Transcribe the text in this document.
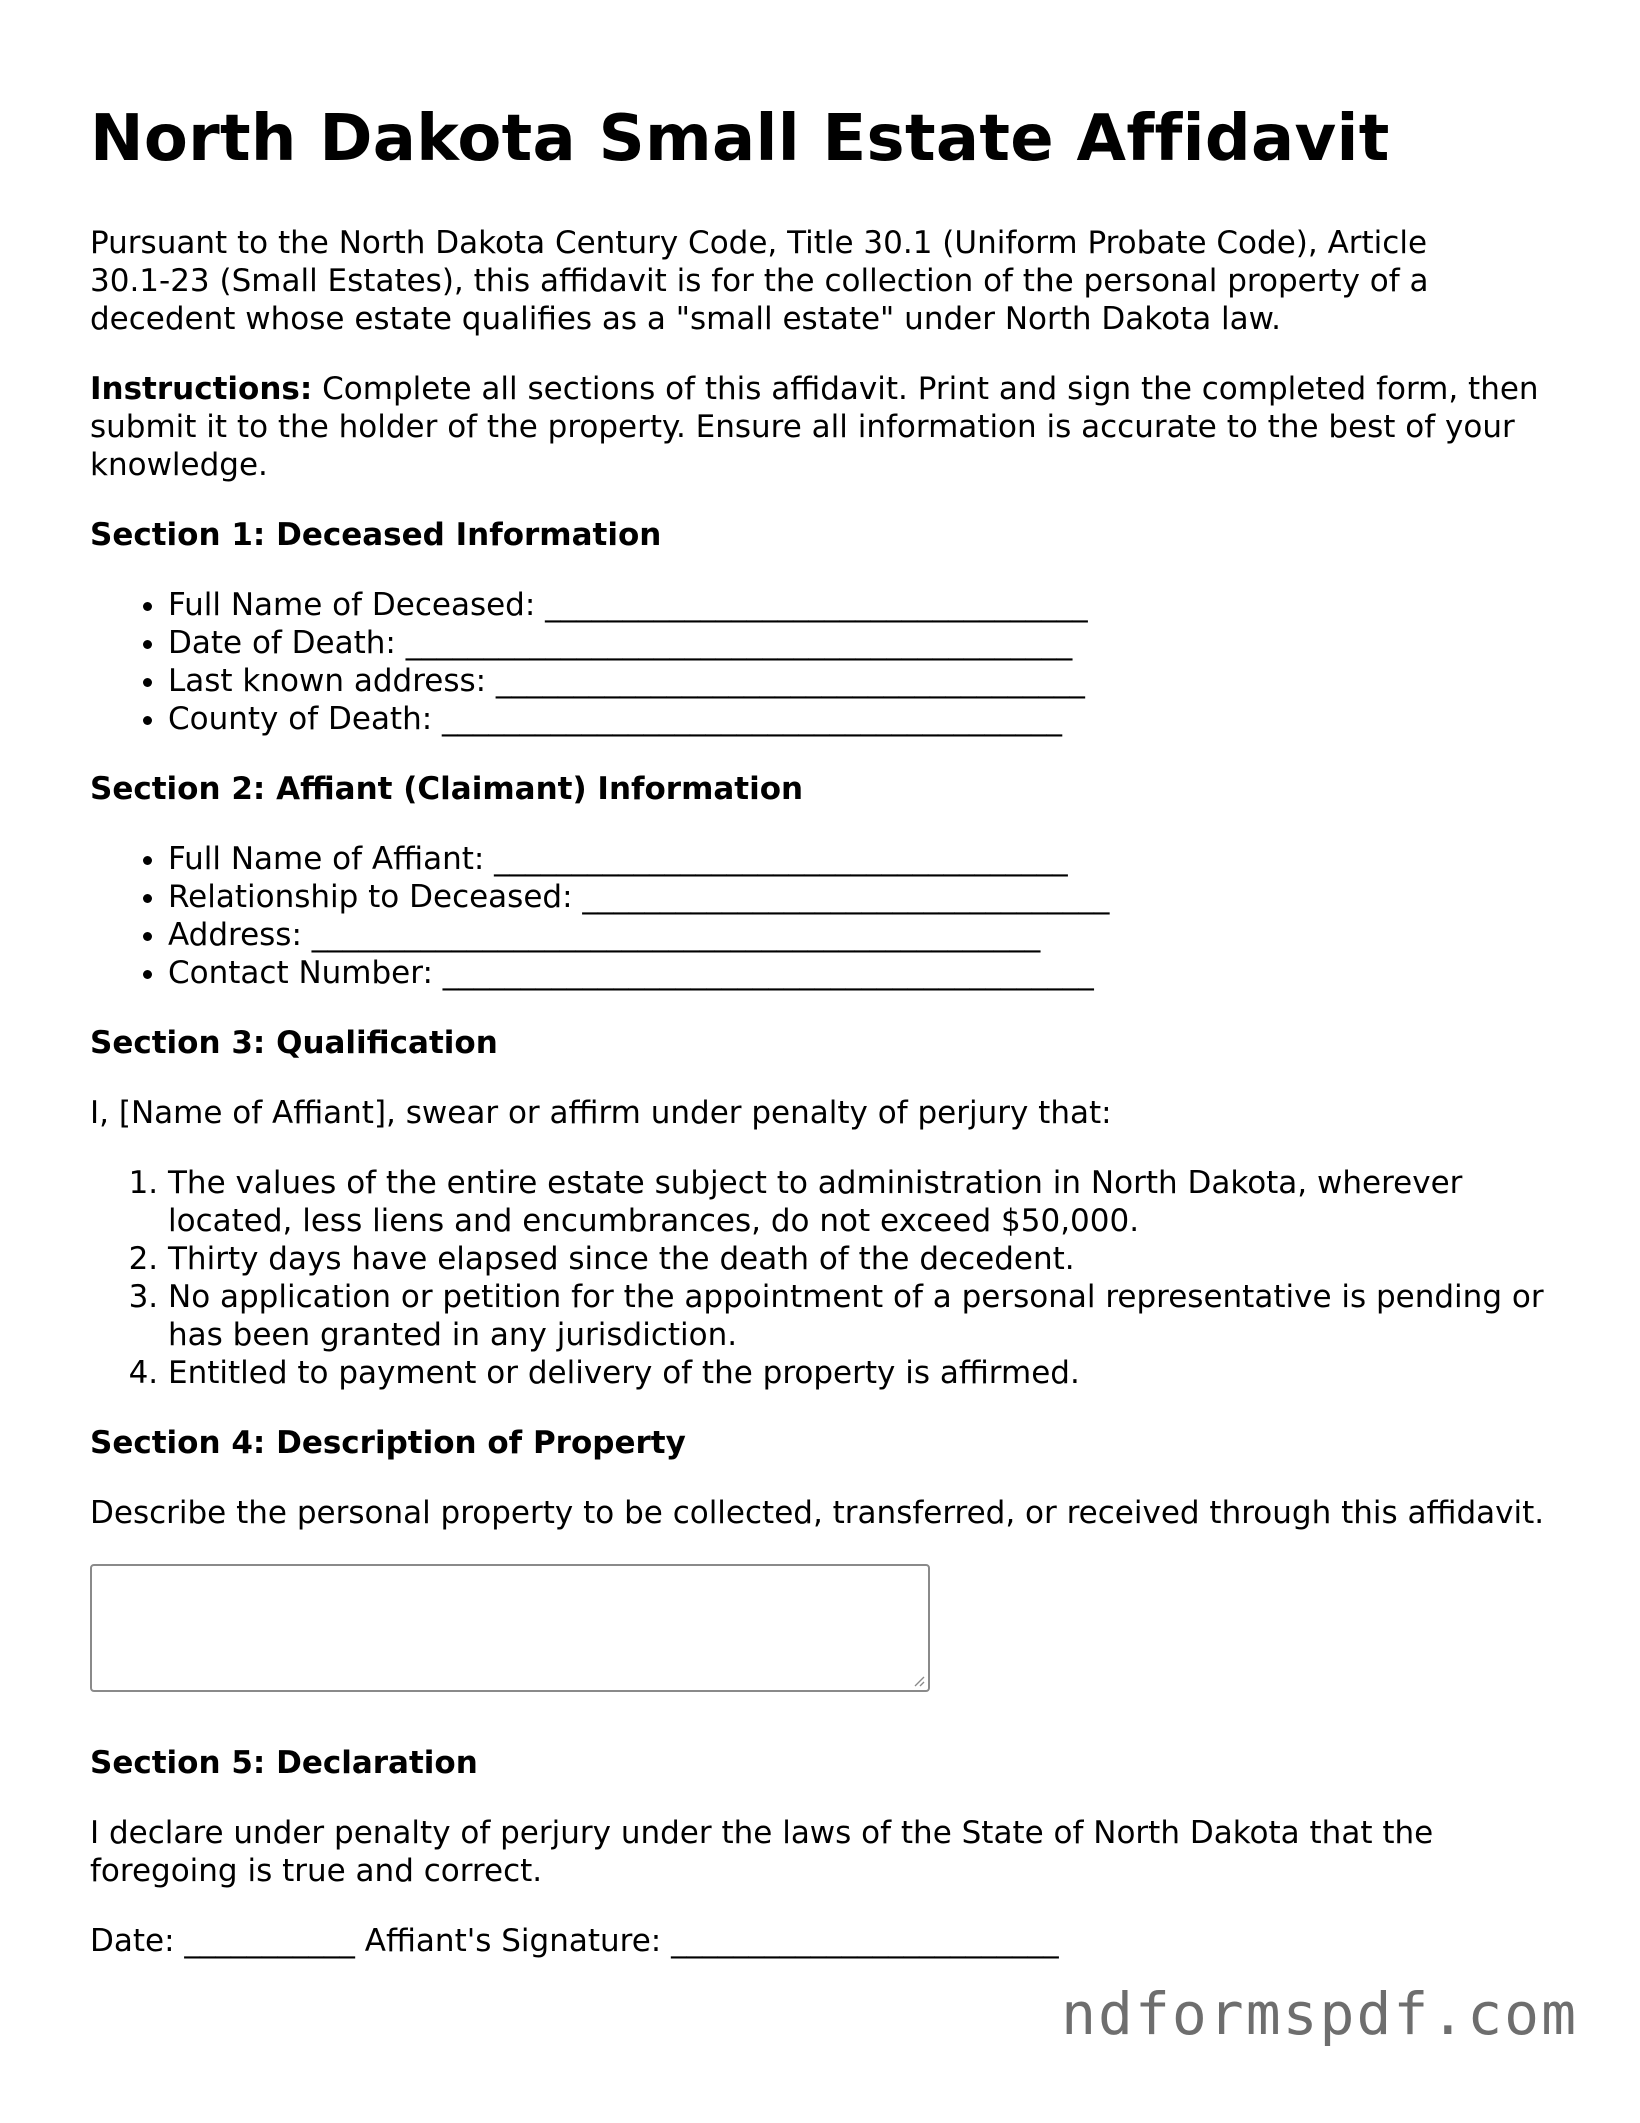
North Dakota Small Estate Affidavit

Pursuant to the North Dakota Century Code, Title 30.1 (Uniform Probate Code), Article 30.1-23 (Small Estates), this affidavit is for the collection of the personal property of a decedent whose estate qualifies as a "small estate" under North Dakota law.

Instructions: Complete all sections of this affidavit. Print and sign the completed form, then submit it to the holder of the property. Ensure all information is accurate to the best of your knowledge.

Section 1: Deceased Information
• Full Name of Deceased: ___________________________________
• Date of Death: ___________________________________________
• Last known address: ______________________________________
• County of Death: ________________________________________
Section 2: Affiant (Claimant) Information
• Full Name of Affiant: _____________________________________
• Relationship to Deceased: __________________________________
• Address: _______________________________________________
• Contact Number: __________________________________________
Section 3: Qualification

I, [Name of Affiant], swear or affirm under penalty of perjury that:

1. The values of the entire estate subject to administration in North Dakota, wherever located, less liens and encumbrances, do not exceed $50,000.
2. Thirty days have elapsed since the death of the decedent.
3. No application or petition for the appointment of a personal representative is pending or has been granted in any jurisdiction.
4. Entitled to payment or delivery of the property is affirmed.
Section 4: Description of Property

Describe the personal property to be collected, transferred, or received through this affidavit.

Section 5: Declaration

I declare under penalty of perjury under the laws of the State of North Dakota that the foregoing is true and correct.

Date: ___________ Affiant's Signature: _________________________

ndformspdf.com
